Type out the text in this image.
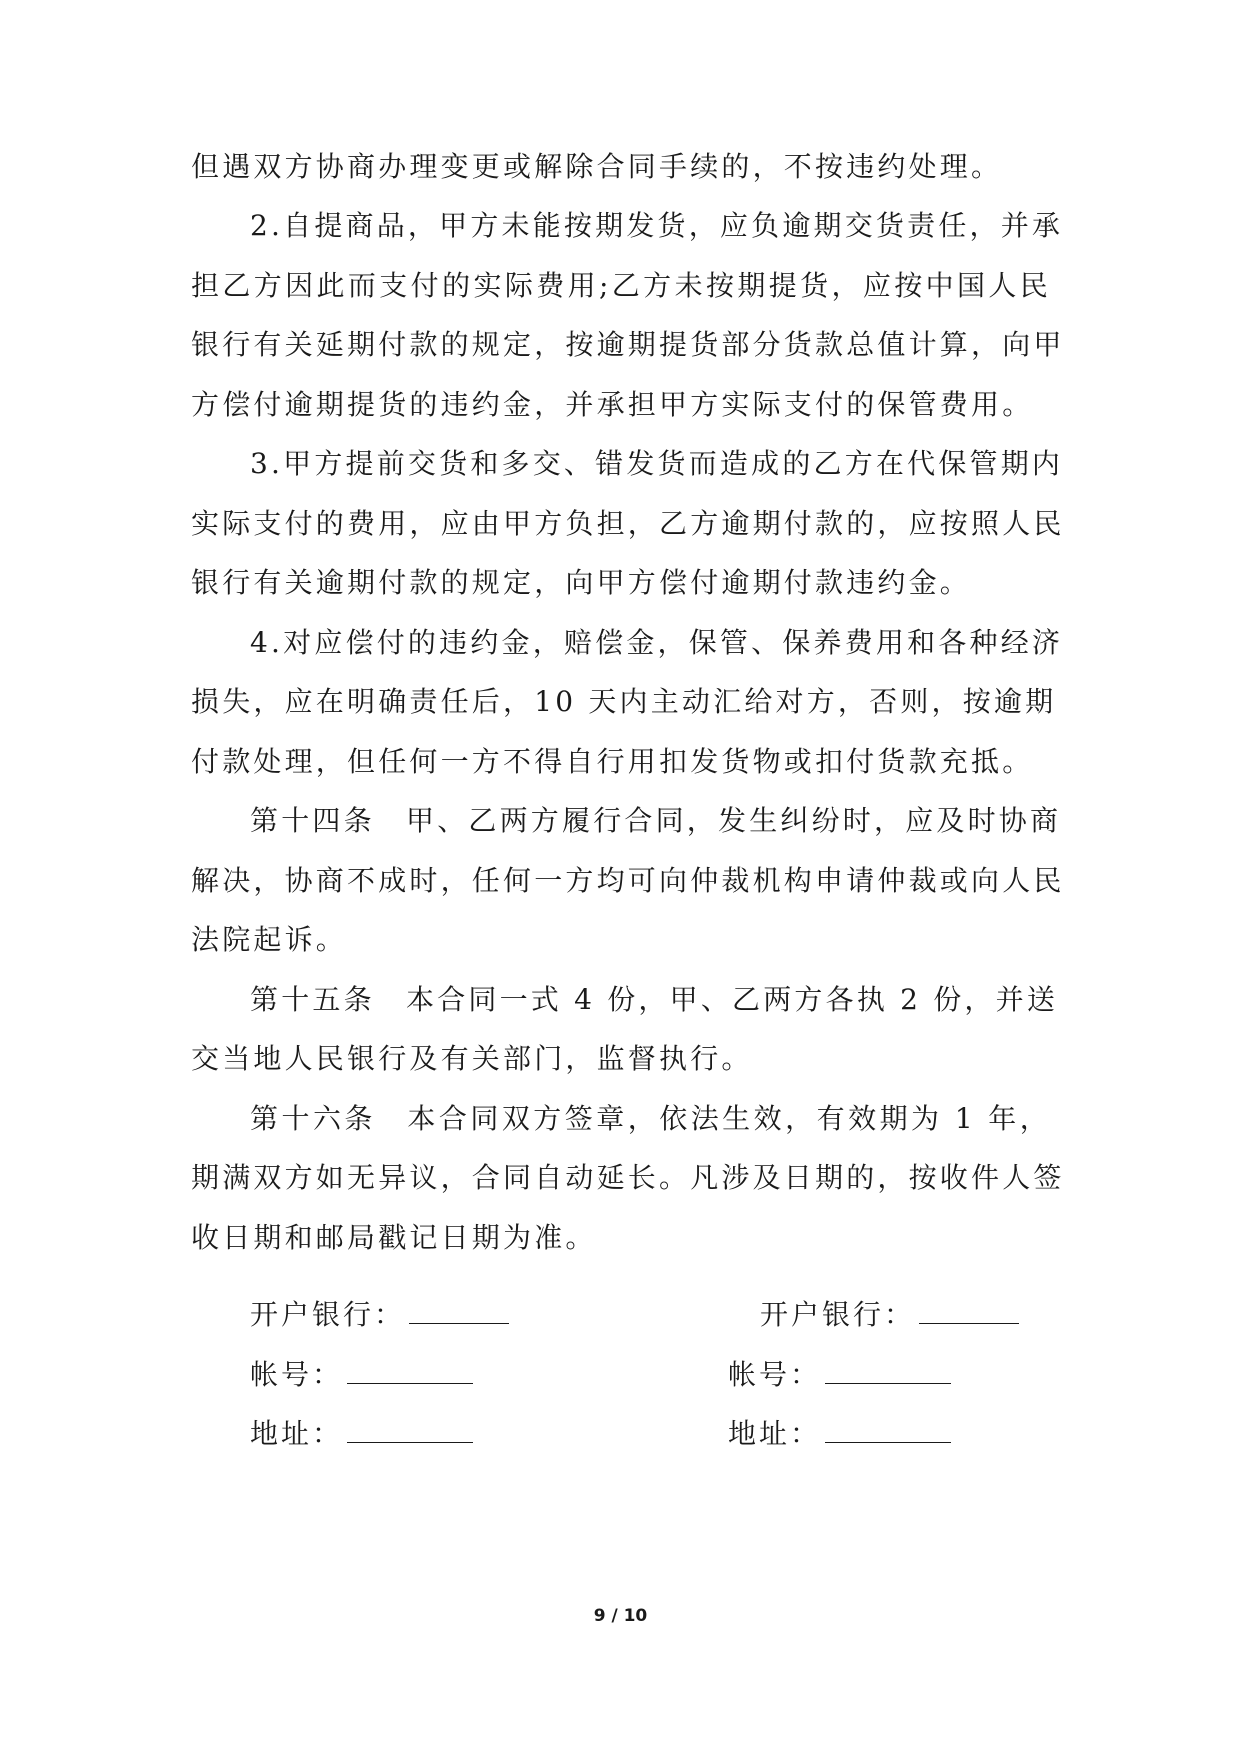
但遇双方协商办理变更或解除合同手续的，不按违约处理。
2.自提商品，甲方未能按期发货，应负逾期交货责任，并承
担乙方因此而支付的实际费用;乙方未按期提货，应按中国人民
银行有关延期付款的规定，按逾期提货部分货款总值计算，向甲
方偿付逾期提货的违约金，并承担甲方实际支付的保管费用。
3.甲方提前交货和多交、错发货而造成的乙方在代保管期内
实际支付的费用，应由甲方负担，乙方逾期付款的，应按照人民
银行有关逾期付款的规定，向甲方偿付逾期付款违约金。
4.对应偿付的违约金，赔偿金，保管、保养费用和各种经济
损失，应在明确责任后，10 天内主动汇给对方，否则，按逾期
付款处理，但任何一方不得自行用扣发货物或扣付货款充抵。
第十四条　甲、乙两方履行合同，发生纠纷时，应及时协商
解决，协商不成时，任何一方均可向仲裁机构申请仲裁或向人民
法院起诉。
第十五条　本合同一式 4 份，甲、乙两方各执 2 份，并送
交当地人民银行及有关部门，监督执行。
第十六条　本合同双方签章，依法生效，有效期为 1 年，
期满双方如无异议，合同自动延长。凡涉及日期的，按收件人签
收日期和邮局戳记日期为准。
开户银行：
帐号：
地址：
开户银行：
帐号：
地址：
9 / 10
